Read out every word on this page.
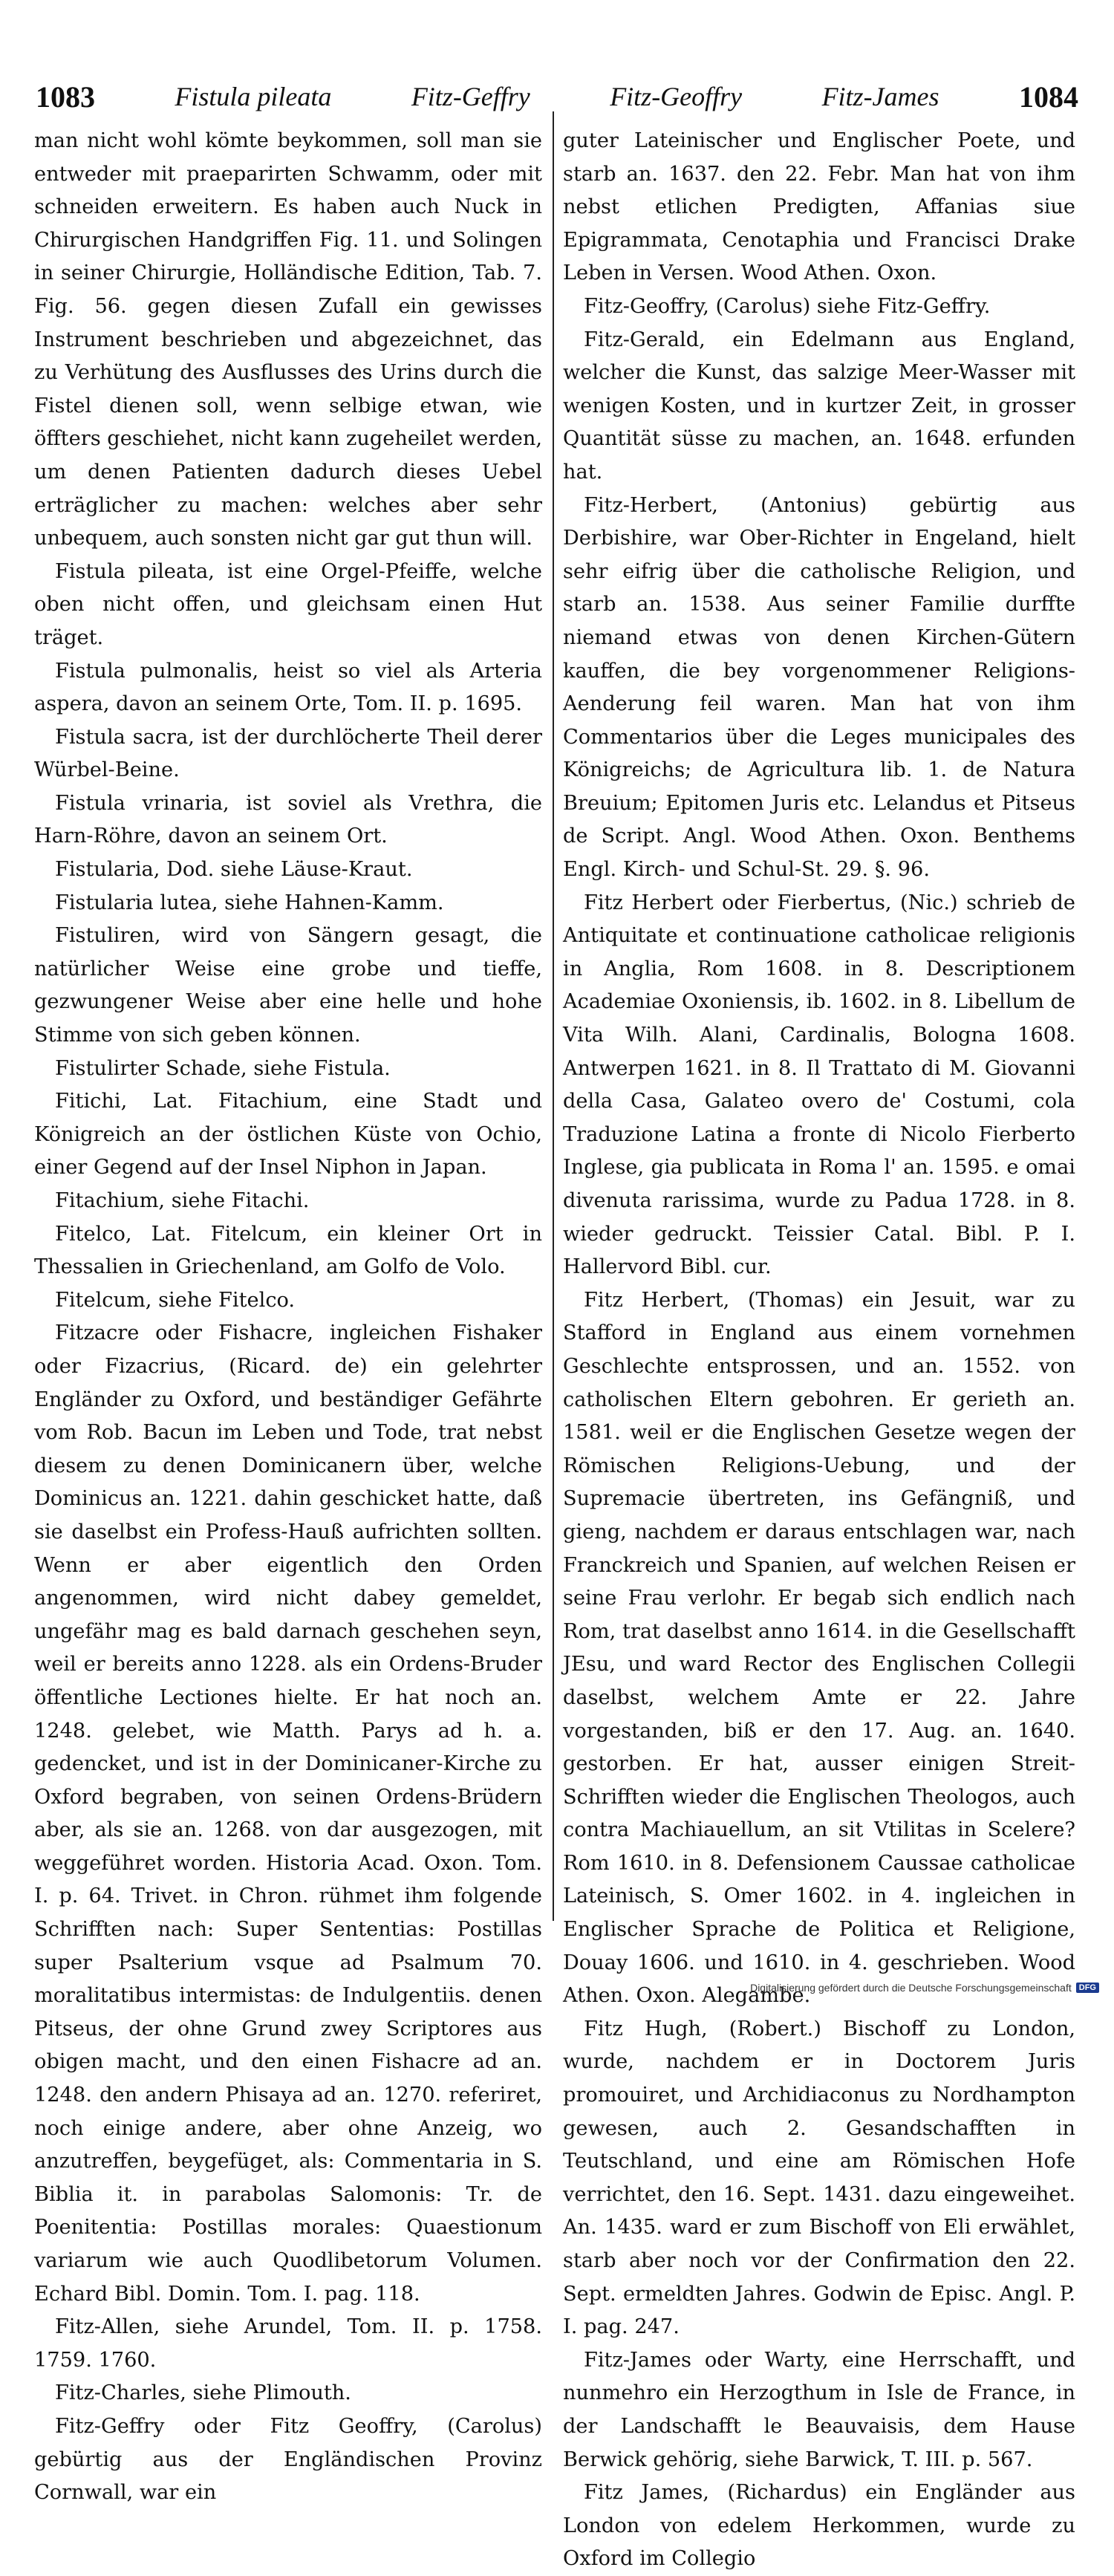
1083	Fistula pileata	Fitz-Geffry	Fitz-Geoffry	Fitz-James	1084

man nicht wohl kömte beykommen, soll man sie entweder mit praeparirten Schwamm, oder mit schneiden erweitern. Es haben auch Nuck in Chirurgischen Handgriffen Fig. 11. und Solingen in seiner Chirurgie, Holländische Edition, Tab. 7. Fig. 56. gegen diesen Zufall ein gewisses Instrument beschrieben und abgezeichnet, das zu Verhütung des Ausflusses des Urins durch die Fistel dienen soll, wenn selbige etwan, wie öffters geschiehet, nicht kann zugeheilet werden, um denen Patienten dadurch dieses Uebel erträglicher zu machen: welches aber sehr unbequem, auch sonsten nicht gar gut thun will.

Fistula pileata, ist eine Orgel-Pfeiffe, welche oben nicht offen, und gleichsam einen Hut träget.

Fistula pulmonalis, heist so viel als Arteria aspera, davon an seinem Orte, Tom. II. p. 1695.

Fistula sacra, ist der durchlöcherte Theil derer Würbel-Beine.

Fistula vrinaria, ist soviel als Vrethra, die Harn-Röhre, davon an seinem Ort.

Fistularia, Dod. siehe Läuse-Kraut.

Fistularia lutea, siehe Hahnen-Kamm.

Fistuliren, wird von Sängern gesagt, die natürlicher Weise eine grobe und tieffe, gezwungener Weise aber eine helle und hohe Stimme von sich geben können.

Fistulirter Schade, siehe Fistula.

Fitichi, Lat. Fitachium, eine Stadt und Königreich an der östlichen Küste von Ochio, einer Gegend auf der Insel Niphon in Japan.

Fitachium, siehe Fitachi.

Fitelco, Lat. Fitelcum, ein kleiner Ort in Thessalien in Griechenland, am Golfo de Volo.

Fitelcum, siehe Fitelco.

Fitzacre oder Fishacre, ingleichen Fishaker oder Fizacrius, (Ricard. de) ein gelehrter Engländer zu Oxford, und beständiger Gefährte vom Rob. Bacun im Leben und Tode, trat nebst diesem zu denen Dominicanern über, welche Dominicus an. 1221. dahin geschicket hatte, daß sie daselbst ein Profess-Hauß aufrichten sollten. Wenn er aber eigentlich den Orden angenommen, wird nicht dabey gemeldet, ungefähr mag es bald darnach geschehen seyn, weil er bereits anno 1228. als ein Ordens-Bruder öffentliche Lectiones hielte. Er hat noch an. 1248. gelebet, wie Matth. Parys ad h. a. gedencket, und ist in der Dominicaner-Kirche zu Oxford begraben, von seinen Ordens-Brüdern aber, als sie an. 1268. von dar ausgezogen, mit weggeführet worden. Historia Acad. Oxon. Tom. I. p. 64. Trivet. in Chron. rühmet ihm folgende Schrifften nach: Super Sententias: Postillas super Psalterium vsque ad Psalmum 70. moralitatibus intermistas: de Indulgentiis. denen Pitseus, der ohne Grund zwey Scriptores aus obigen macht, und den einen Fishacre ad an. 1248. den andern Phisaya ad an. 1270. referiret, noch einige andere, aber ohne Anzeig, wo anzutreffen, beygefüget, als: Commentaria in S. Biblia it. in parabolas Salomonis: Tr. de Poenitentia: Postillas morales: Quaestionum variarum wie auch Quodlibetorum Volumen. Echard Bibl. Domin. Tom. I. pag. 118.

Fitz-Allen, siehe Arundel, Tom. II. p. 1758. 1759. 1760.

Fitz-Charles, siehe Plimouth.

Fitz-Geffry oder Fitz Geoffry, (Carolus) gebürtig aus der Engländischen Provinz Cornwall, war ein

guter Lateinischer und Englischer Poete, und starb an. 1637. den 22. Febr. Man hat von ihm nebst etlichen Predigten, Affanias siue Epigrammata, Cenotaphia und Francisci Drake Leben in Versen. Wood Athen. Oxon.

Fitz-Geoffry, (Carolus) siehe Fitz-Geffry.

Fitz-Gerald, ein Edelmann aus England, welcher die Kunst, das salzige Meer-Wasser mit wenigen Kosten, und in kurtzer Zeit, in grosser Quantität süsse zu machen, an. 1648. erfunden hat.

Fitz-Herbert, (Antonius) gebürtig aus Derbishire, war Ober-Richter in Engeland, hielt sehr eifrig über die catholische Religion, und starb an. 1538. Aus seiner Familie durffte niemand etwas von denen Kirchen-Gütern kauffen, die bey vorgenommener Religions-Aenderung feil waren. Man hat von ihm Commentarios über die Leges municipales des Königreichs; de Agricultura lib. 1. de Natura Breuium; Epitomen Juris etc. Lelandus et Pitseus de Script. Angl. Wood Athen. Oxon. Benthems Engl. Kirch- und Schul-St. 29. §. 96.

Fitz Herbert oder Fierbertus, (Nic.) schrieb de Antiquitate et continuatione catholicae religionis in Anglia, Rom 1608. in 8. Descriptionem Academiae Oxoniensis, ib. 1602. in 8. Libellum de Vita Wilh. Alani, Cardinalis, Bologna 1608. Antwerpen 1621. in 8. Il Trattato di M. Giovanni della Casa, Galateo overo de' Costumi, cola Traduzione Latina a fronte di Nicolo Fierberto Inglese, gia publicata in Roma l' an. 1595. e omai divenuta rarissima, wurde zu Padua 1728. in 8. wieder gedruckt. Teissier Catal. Bibl. P. I. Hallervord Bibl. cur.

Fitz Herbert, (Thomas) ein Jesuit, war zu Stafford in England aus einem vornehmen Geschlechte entsprossen, und an. 1552. von catholischen Eltern gebohren. Er gerieth an. 1581. weil er die Englischen Gesetze wegen der Römischen Religions-Uebung, und der Supremacie übertreten, ins Gefängniß, und gieng, nachdem er daraus entschlagen war, nach Franckreich und Spanien, auf welchen Reisen er seine Frau verlohr. Er begab sich endlich nach Rom, trat daselbst anno 1614. in die Gesellschafft JEsu, und ward Rector des Englischen Collegii daselbst, welchem Amte er 22. Jahre vorgestanden, biß er den 17. Aug. an. 1640. gestorben. Er hat, ausser einigen Streit-Schrifften wieder die Englischen Theologos, auch contra Machiauellum, an sit Vtilitas in Scelere? Rom 1610. in 8. Defensionem Caussae catholicae Lateinisch, S. Omer 1602. in 4. ingleichen in Englischer Sprache de Politica et Religione, Douay 1606. und 1610. in 4. geschrieben. Wood Athen. Oxon. Alegambe.

Fitz Hugh, (Robert.) Bischoff zu London, wurde, nachdem er in Doctorem Juris promouiret, und Archidiaconus zu Nordhampton gewesen, auch 2. Gesandschafften in Teutschland, und eine am Römischen Hofe verrichtet, den 16. Sept. 1431. dazu eingeweihet. An. 1435. ward er zum Bischoff von Eli erwählet, starb aber noch vor der Confirmation den 22. Sept. ermeldten Jahres. Godwin de Episc. Angl. P. I. pag. 247.

Fitz-James oder Warty, eine Herrschafft, und nunmehro ein Herzogthum in Isle de France, in der Landschafft le Beauvaisis, dem Hause Berwick gehörig, siehe Barwick, T. III. p. 567.

Fitz James, (Richardus) ein Engländer aus London von edelem Herkommen, wurde zu Oxford im Collegio

Digitalisierung gefördert durch die Deutsche Forschungsgemeinschaft DFG
